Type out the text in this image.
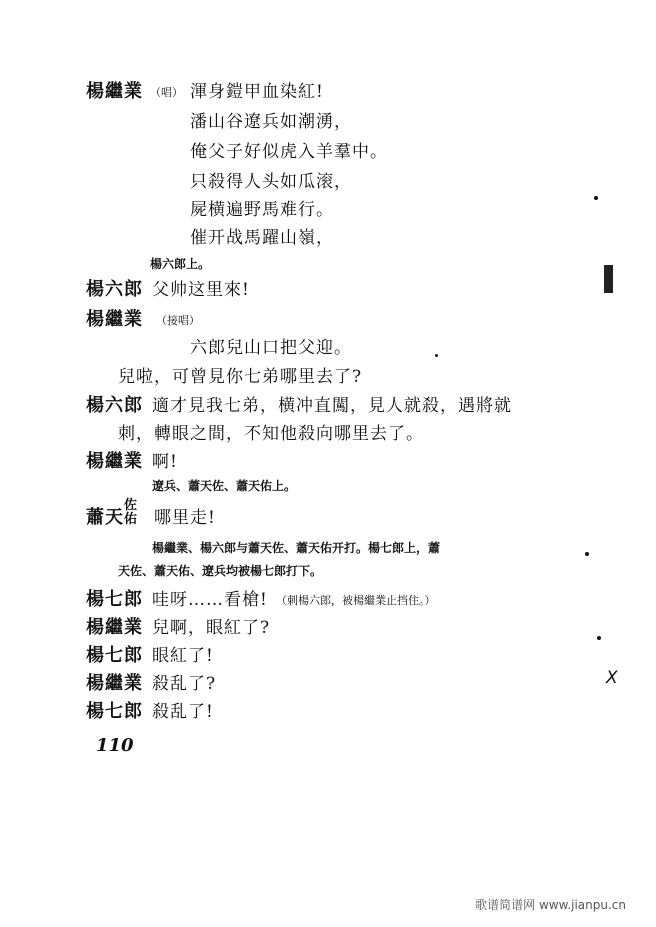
楊繼業 （唱） 渾身鎧甲血染紅!
潘山谷遼兵如潮湧，
俺父子好似虎入羊羣中。
只殺得人头如瓜滚，
屍横遍野馬难行。
催开战馬躍山嶺，
楊六郎上。
楊六郎 父帅这里來!
楊繼業 （接唱）
六郎兒山口把父迎。
兒啦，可曾見你七弟哪里去了?
楊六郎 適才見我七弟，横冲直闖，見人就殺，遇將就
刺，轉眼之間，不知他殺向哪里去了。
楊繼業 啊!
遼兵、蕭天佐、蕭天佑上。
蕭天
佐
佑 哪里走!
楊繼業、楊六郎与蕭天佐、蕭天佑开打。楊七郎上，蕭
天佐、蕭天佑、遼兵均被楊七郎打下。
楊七郎 哇呀……看槍! （刺楊六郎，被楊繼業止挡住。）
楊繼業 兒啊，眼紅了?
楊七郎 眼紅了!
楊繼業 殺乱了?
楊七郎 殺乱了!
110
X
歌谱简谱网 www.jianpu.cn
